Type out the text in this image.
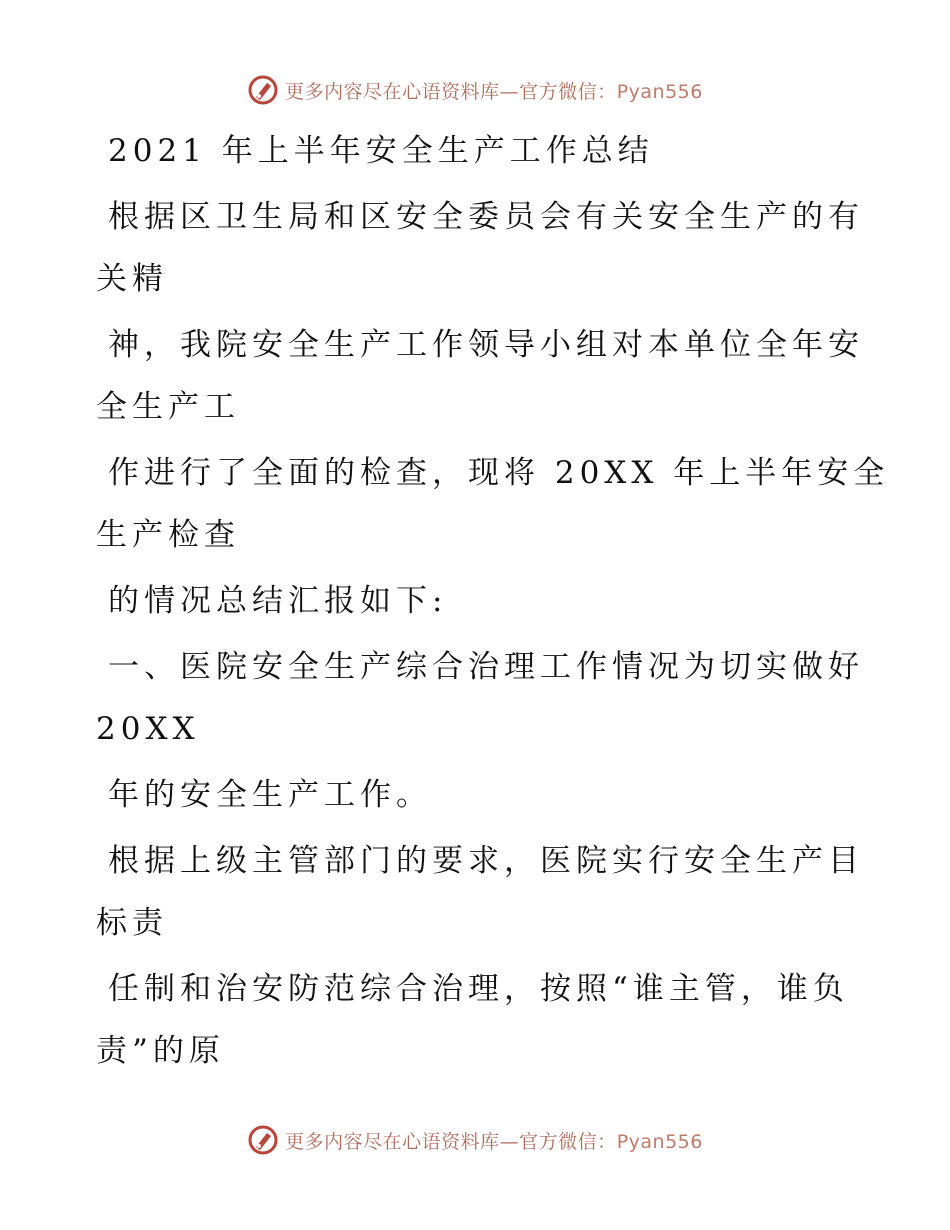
更多内容尽在心语资料库—官方微信：Pyan556
2021 年上半年安全生产工作总结
根据区卫生局和区安全委员会有关安全生产的有
关精
神，我院安全生产工作领导小组对本单位全年安
全生产工
作进行了全面的检查，现将 20XX 年上半年安全
生产检查
的情况总结汇报如下:
一、医院安全生产综合治理工作情况为切实做好
20XX
年的安全生产工作。
根据上级主管部门的要求，医院实行安全生产目
标责
任制和治安防范综合治理，按照“谁主管，谁负
责”的原
更多内容尽在心语资料库—官方微信：Pyan556
